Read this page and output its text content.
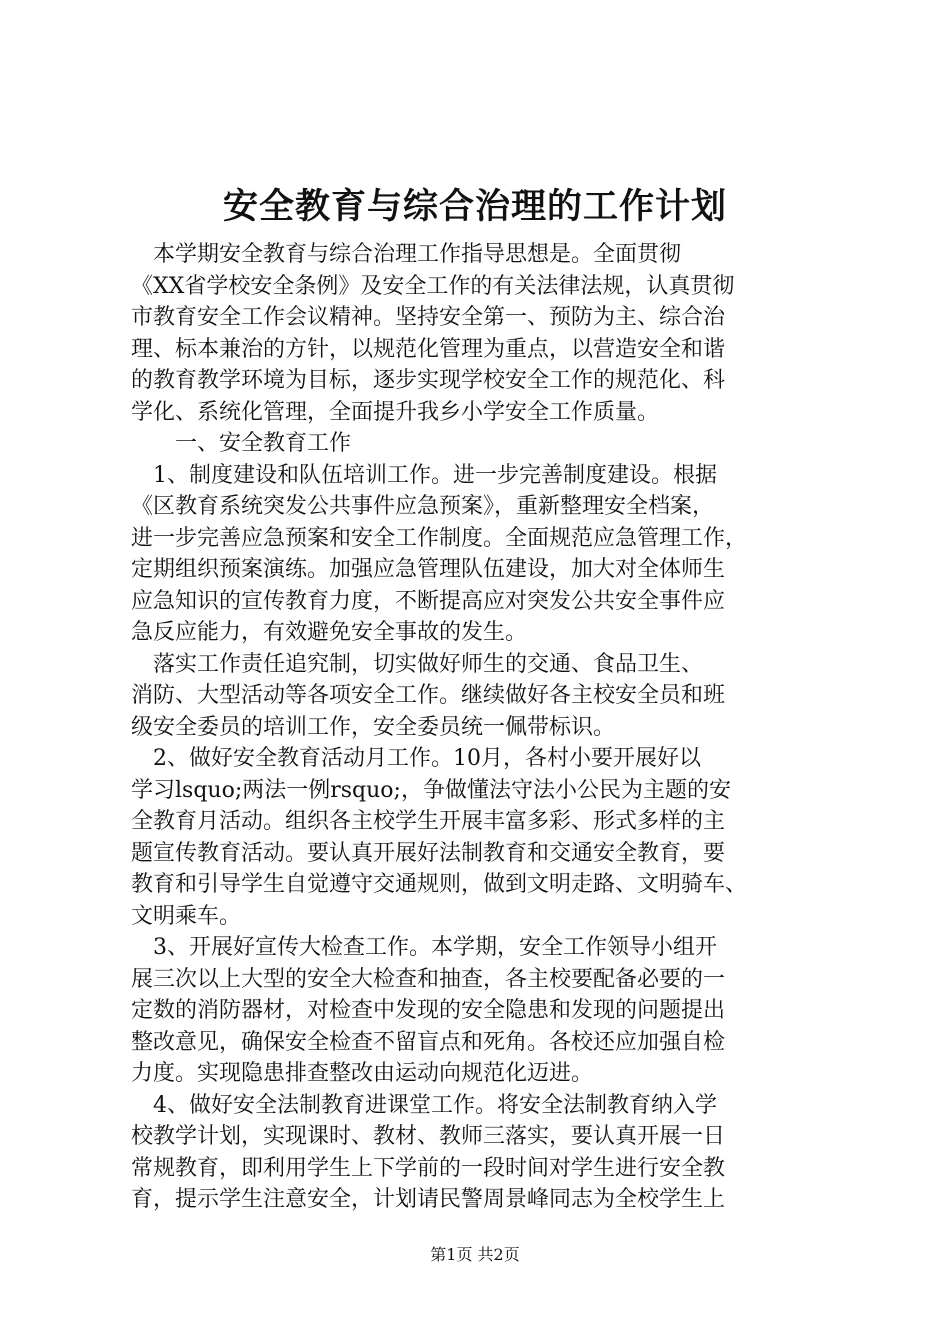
安全教育与综合治理的工作计划
　本学期安全教育与综合治理工作指导思想是。全面贯彻
《XX省学校安全条例》及安全工作的有关法律法规，认真贯彻
市教育安全工作会议精神。坚持安全第一、预防为主、综合治
理、标本兼治的方针，以规范化管理为重点，以营造安全和谐
的教育教学环境为目标，逐步实现学校安全工作的规范化、科
学化、系统化管理，全面提升我乡小学安全工作质量。
　　一、安全教育工作
　1、制度建设和队伍培训工作。进一步完善制度建设。根据
《区教育系统突发公共事件应急预案》，重新整理安全档案，
进一步完善应急预案和安全工作制度。全面规范应急管理工作，
定期组织预案演练。加强应急管理队伍建设，加大对全体师生
应急知识的宣传教育力度，不断提高应对突发公共安全事件应
急反应能力，有效避免安全事故的发生。
　落实工作责任追究制，切实做好师生的交通、食品卫生、
消防、大型活动等各项安全工作。继续做好各主校安全员和班
级安全委员的培训工作，安全委员统一佩带标识。
　2、做好安全教育活动月工作。10月，各村小要开展好以
学习lsquo;两法一例rsquo;，争做懂法守法小公民为主题的安
全教育月活动。组织各主校学生开展丰富多彩、形式多样的主
题宣传教育活动。要认真开展好法制教育和交通安全教育，要
教育和引导学生自觉遵守交通规则，做到文明走路、文明骑车、
文明乘车。
　3、开展好宣传大检查工作。本学期，安全工作领导小组开
展三次以上大型的安全大检查和抽查，各主校要配备必要的一
定数的消防器材，对检查中发现的安全隐患和发现的问题提出
整改意见，确保安全检查不留盲点和死角。各校还应加强自检
力度。实现隐患排查整改由运动向规范化迈进。
　4、做好安全法制教育进课堂工作。将安全法制教育纳入学
校教学计划，实现课时、教材、教师三落实，要认真开展一日
常规教育，即利用学生上下学前的一段时间对学生进行安全教
育，提示学生注意安全，计划请民警周景峰同志为全校学生上
第1页 共2页
